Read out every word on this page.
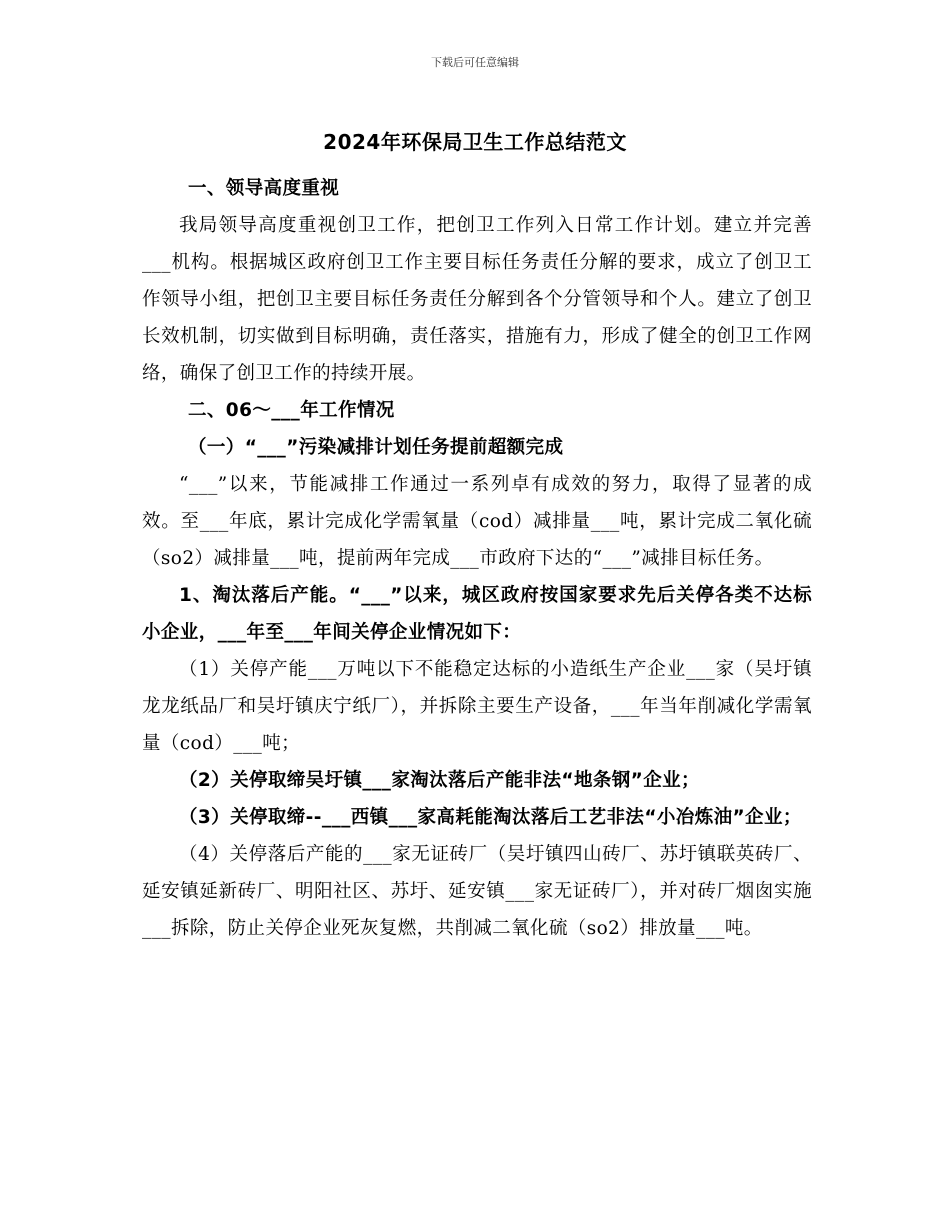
下载后可任意编辑
2024年环保局卫生工作总结范文

一、领导高度重视

我局领导高度重视创卫工作，把创卫工作列入日常工作计划。建立并完善___机构。根据城区政府创卫工作主要目标任务责任分解的要求，成立了创卫工作领导小组，把创卫主要目标任务责任分解到各个分管领导和个人。建立了创卫长效机制，切实做到目标明确，责任落实，措施有力，形成了健全的创卫工作网络，确保了创卫工作的持续开展。

二、06～___年工作情况

（一）“___”污染减排计划任务提前超额完成

“___”以来，节能减排工作通过一系列卓有成效的努力，取得了显著的成效。至___年底，累计完成化学需氧量（cod）减排量___吨，累计完成二氧化硫（so2）减排量___吨，提前两年完成___市政府下达的“___”减排目标任务。

1、淘汰落后产能。“___”以来，城区政府按国家要求先后关停各类不达标小企业，___年至___年间关停企业情况如下：

（1）关停产能___万吨以下不能稳定达标的小造纸生产企业___家（吴圩镇龙龙纸品厂和吴圩镇庆宁纸厂），并拆除主要生产设备，___年当年削减化学需氧量（cod）___吨；

（2）关停取缔吴圩镇___家淘汰落后产能非法“地条钢”企业；

（3）关停取缔--___西镇___家高耗能淘汰落后工艺非法“小冶炼油”企业；

（4）关停落后产能的___家无证砖厂（吴圩镇四山砖厂、苏圩镇联英砖厂、延安镇延新砖厂、明阳社区、苏圩、延安镇___家无证砖厂），并对砖厂烟囱实施___拆除，防止关停企业死灰复燃，共削减二氧化硫（so2）排放量___吨。
